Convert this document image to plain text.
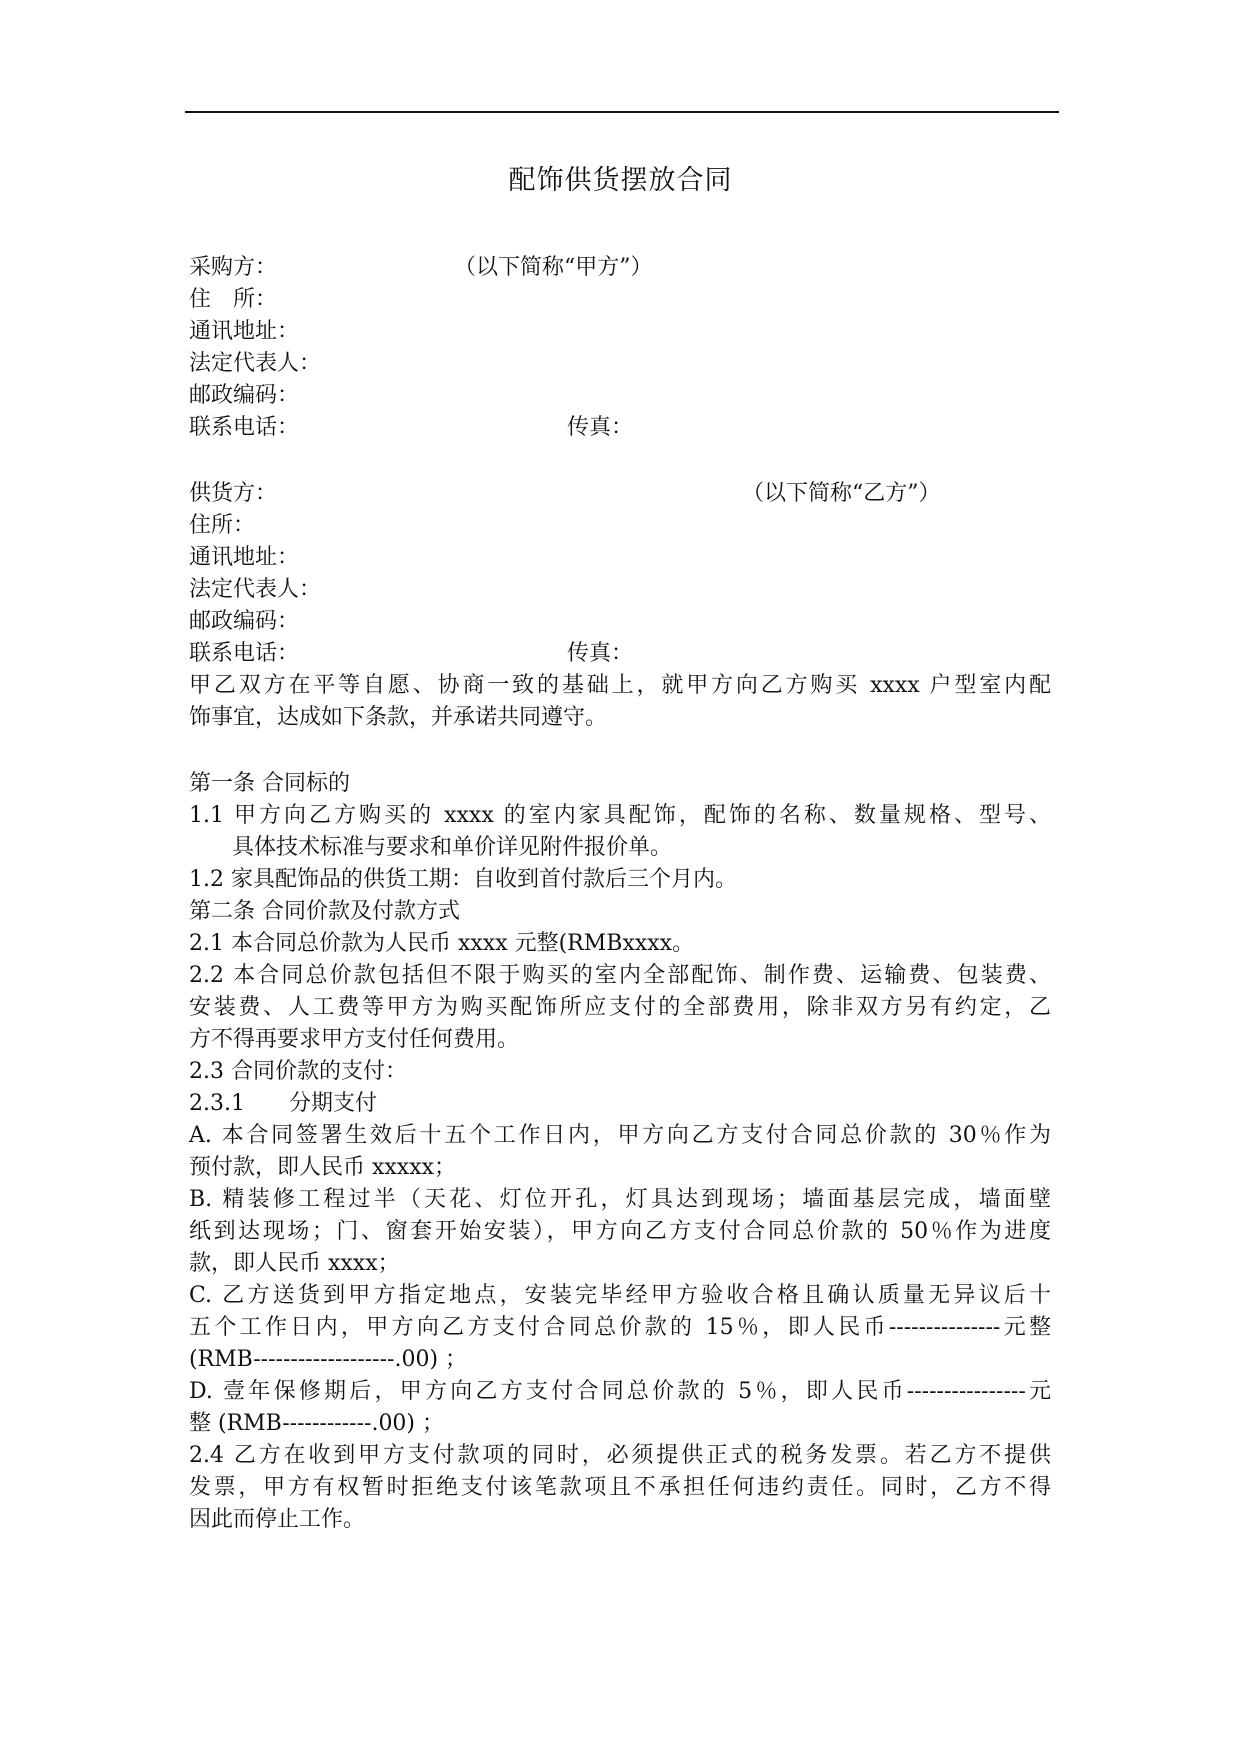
配饰供货摆放合同
采购方：	（以下简称“甲方”）
住　所：
通讯地址：
法定代表人：
邮政编码：
联系电话：	传真：
供货方：	（以下简称“乙方”）
住所：
通讯地址：
法定代表人：
邮政编码：
联系电话：	传真：
甲乙双方在平等自愿、协商一致的基础上，就甲方向乙方购买 xxxx 户型室内配
饰事宜，达成如下条款，并承诺共同遵守。
第一条 合同标的
1.1 甲方向乙方购买的 xxxx 的室内家具配饰，配饰的名称、数量规格、型号、
具体技术标准与要求和单价详见附件报价单。
1.2 家具配饰品的供货工期：自收到首付款后三个月内。
第二条 合同价款及付款方式
2.1 本合同总价款为人民币 xxxx 元整(RMBxxxx。
2.2 本合同总价款包括但不限于购买的室内全部配饰、制作费、运输费、包装费、
安装费、人工费等甲方为购买配饰所应支付的全部费用，除非双方另有约定，乙
方不得再要求甲方支付任何费用。
2.3 合同价款的支付：
2.3.1　　分期支付
A. 本合同签署生效后十五个工作日内，甲方向乙方支付合同总价款的 30％作为
预付款，即人民币 xxxxx；
B. 精装修工程过半（天花、灯位开孔，灯具达到现场；墙面基层完成，墙面壁
纸到达现场；门、窗套开始安装），甲方向乙方支付合同总价款的 50％作为进度
款，即人民币 xxxx；
C. 乙方送货到甲方指定地点，安装完毕经甲方验收合格且确认质量无异议后十
五个工作日内，甲方向乙方支付合同总价款的 15％，即人民币---------------元整
(RMB-------------------.00) ；
D. 壹年保修期后，甲方向乙方支付合同总价款的 5％，即人民币----------------元
整 (RMB------------.00) ；
2.4 乙方在收到甲方支付款项的同时，必须提供正式的税务发票。若乙方不提供
发票，甲方有权暂时拒绝支付该笔款项且不承担任何违约责任。同时，乙方不得
因此而停止工作。
